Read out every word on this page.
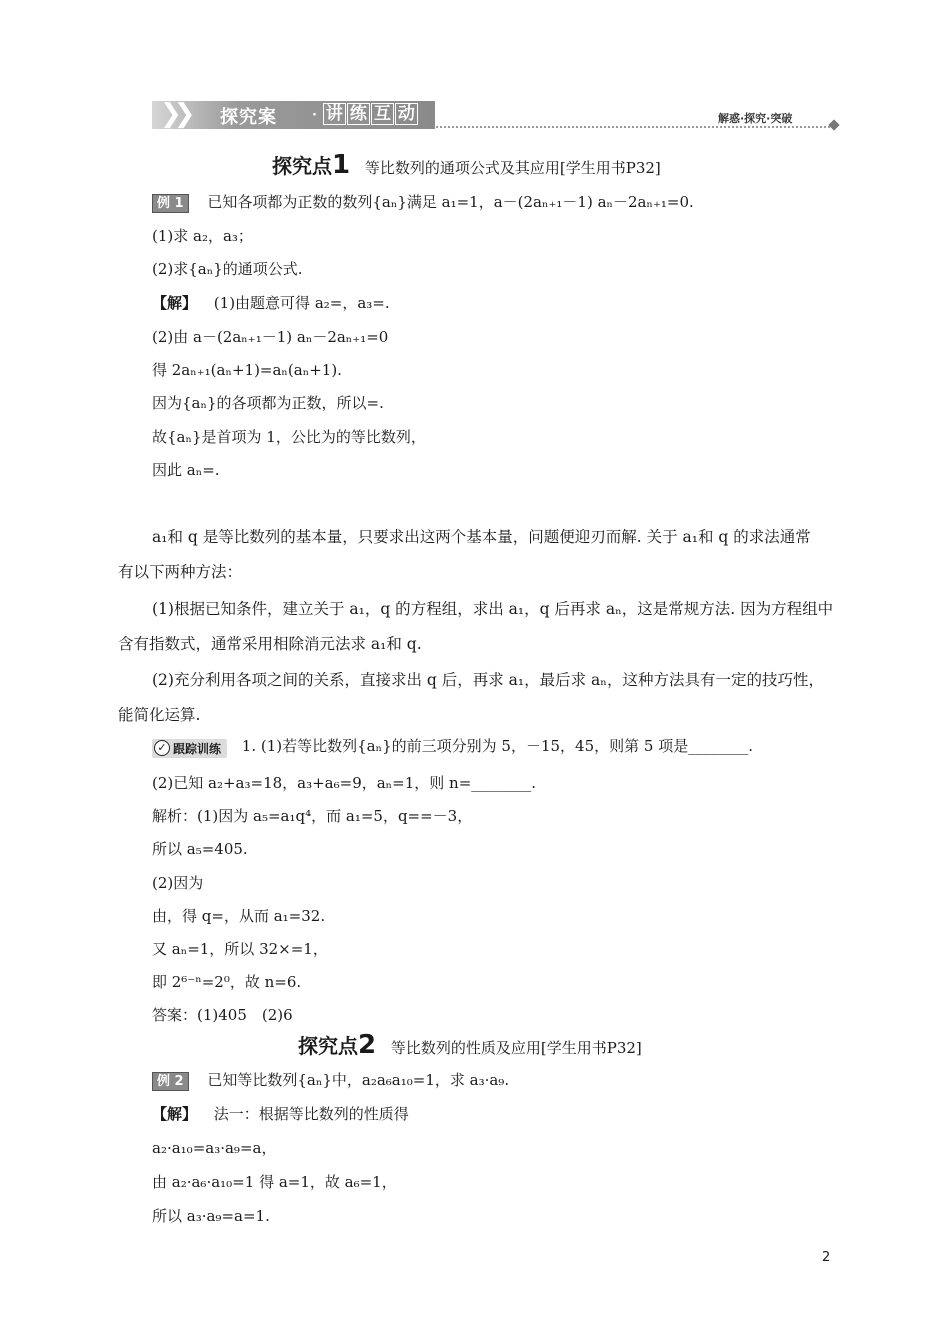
❯❯ 探究案	· 讲 练 互 动	解惑·探究·突破
探究点1 等比数列的通项公式及其应用[学生用书P32]
例 1 已知各项都为正数的数列{aₙ}满足 a₁=1，a－(2aₙ₊₁－1) aₙ－2aₙ₊₁=0.
(1)求 a₂，a₃；
(2)求{aₙ}的通项公式.
【解】 (1)由题意可得 a₂=，a₃=.
(2)由 a－(2aₙ₊₁－1) aₙ－2aₙ₊₁=0
得 2aₙ₊₁(aₙ+1)=aₙ(aₙ+1).
因为{aₙ}的各项都为正数，所以=.
故{aₙ}是首项为 1，公比为的等比数列，
因此 aₙ=.
a₁和 q 是等比数列的基本量，只要求出这两个基本量，问题便迎刃而解. 关于 a₁和 q 的求法通常
有以下两种方法：
(1)根据已知条件，建立关于 a₁，q 的方程组，求出 a₁，q 后再求 aₙ，这是常规方法. 因为方程组中
含有指数式，通常采用相除消元法求 a₁和 q.
(2)充分利用各项之间的关系，直接求出 q 后，再求 a₁，最后求 aₙ，这种方法具有一定的技巧性，
能简化运算.
✓ 跟踪训练 1. (1)若等比数列{aₙ}的前三项分别为 5，－15，45，则第 5 项是________.
(2)已知 a₂+a₃=18，a₃+a₆=9，aₙ=1，则 n=________.
解析：(1)因为 a₅=a₁q⁴，而 a₁=5，q==－3，
所以 a₅=405.
(2)因为
由，得 q=，从而 a₁=32.
又 aₙ=1，所以 32×=1，
即 2⁶⁻ⁿ=2⁰，故 n=6.
答案：(1)405　(2)6
探究点2 等比数列的性质及应用[学生用书P32]
例 2 已知等比数列{aₙ}中，a₂a₆a₁₀=1，求 a₃·a₉.
【解】 法一：根据等比数列的性质得
a₂·a₁₀=a₃·a₉=a，
由 a₂·a₆·a₁₀=1 得 a=1，故 a₆=1，
所以 a₃·a₉=a=1.
2
